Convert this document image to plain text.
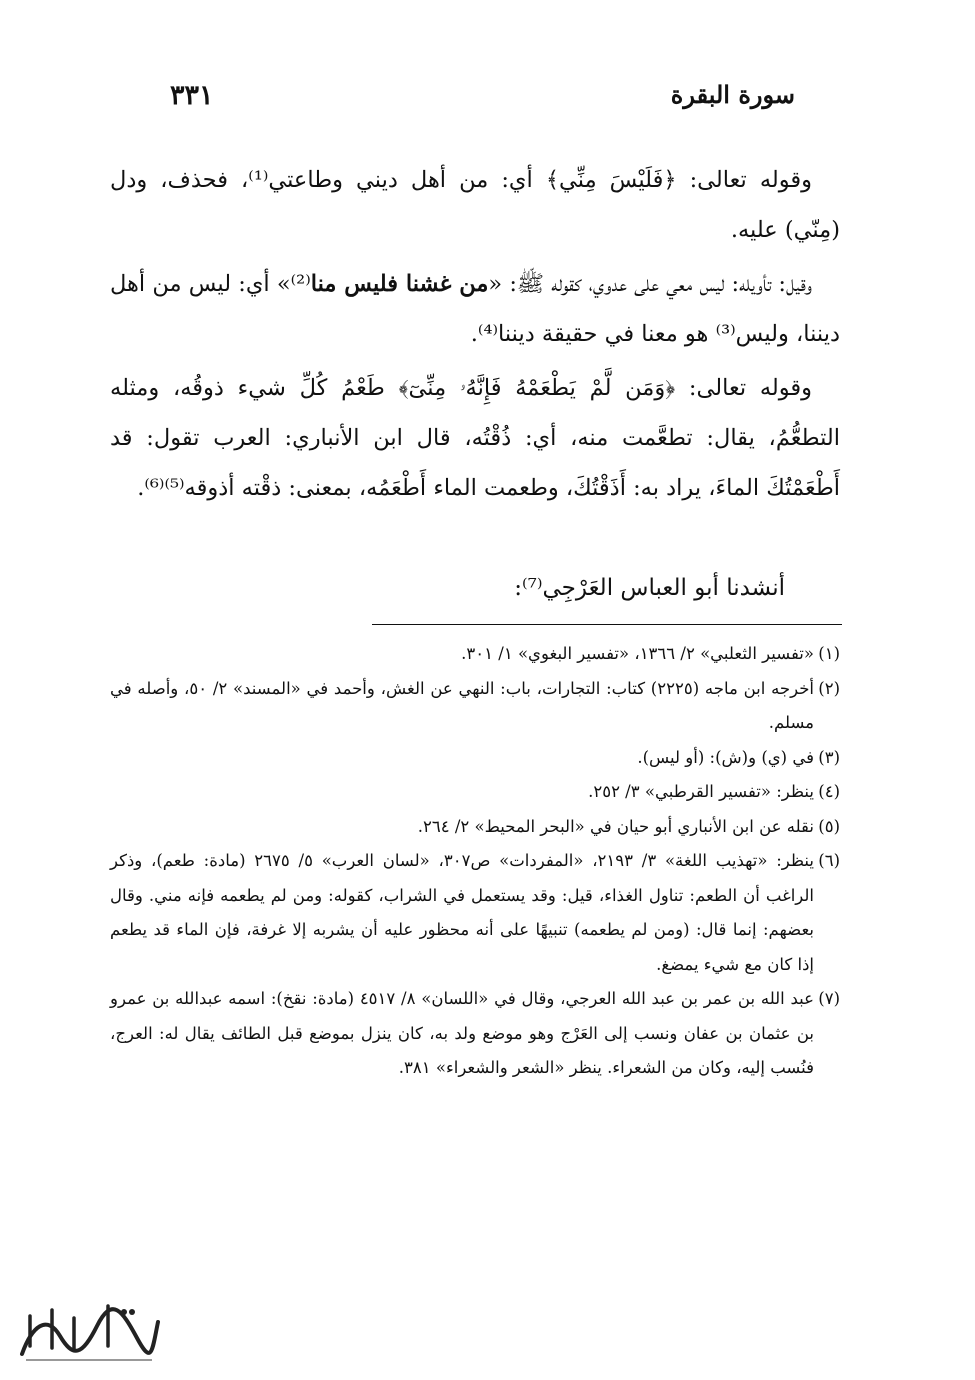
سورة البقرة
٣٣١

وقوله تعالى: ﴿فَلَيْسَ مِنِّي﴾ أي: من أهل ديني وطاعتي⁽¹⁾، فحذف، ودل (مِنّي) عليه.

وقيل: تأويله: ليس معي على عدوي، كقوله ﷺ: «من غشنا فليس منا⁽²⁾» أي: ليس من أهل ديننا، وليس⁽³⁾ هو معنا في حقيقة ديننا⁽⁴⁾.

وقوله تعالى: ﴿وَمَن لَّمْ يَطْعَمْهُ فَإِنَّهُۥ مِنِّىٓ﴾ طَعْمُ كُلِّ شيء ذوقُه، ومثله التطعُّمُ، يقال: تطعَّمت منه، أي: ذُقْتُه، قال ابن الأنباري: العرب تقول: قد أَطْعَمْتُكَ الماءَ، يراد به: أَذَقْتُكَ، وطعمت الماء أَطْعَمُه، بمعنى: ذقْته أذوقه⁽⁵⁾⁽⁶⁾.

أنشدنا أبو العباس العَرْجِي⁽⁷⁾:
(١)
«تفسير الثعلبي» ٢/ ١٣٦٦، «تفسير البغوي» ١/ ٣٠١.
(٢)
أخرجه ابن ماجه (٢٢٢٥) كتاب: التجارات، باب: النهي عن الغش، وأحمد في «المسند» ٢/ ٥٠، وأصله في مسلم.
(٣)
في (ي) و(ش): (أو ليس).
(٤)
ينظر: «تفسير القرطبي» ٣/ ٢٥٢.
(٥)
نقله عن ابن الأنباري أبو حيان في «البحر المحيط» ٢/ ٢٦٤.
(٦)
ينظر: «تهذيب اللغة» ٣/ ٢١٩٣، «المفردات» ص٣٠٧، «لسان العرب» ٥/ ٢٦٧٥ (مادة: طعم)، وذكر الراغب أن الطعم: تناول الغذاء، قيل: وقد يستعمل في الشراب، كقوله: ومن لم يطعمه فإنه مني. وقال بعضهم: إنما قال: (ومن لم يطعمه) تنبيهًا على أنه محظور عليه أن يشربه إلا غرفة، فإن الماء قد يطعم إذا كان مع شيء يمضغ.
(٧)
عبد الله بن عمر بن عبد الله العرجي، وقال في «اللسان» ٨/ ٤٥١٧ (مادة: نقخ): اسمه عبدالله بن عمرو بن عثمان بن عفان ونسب إلى العَرْج وهو موضع ولد به، كان ينزل بموضع قبل الطائف يقال له: العرج، فنُسب إليه، وكان من الشعراء. ينظر «الشعر والشعراء» ٣٨١.
